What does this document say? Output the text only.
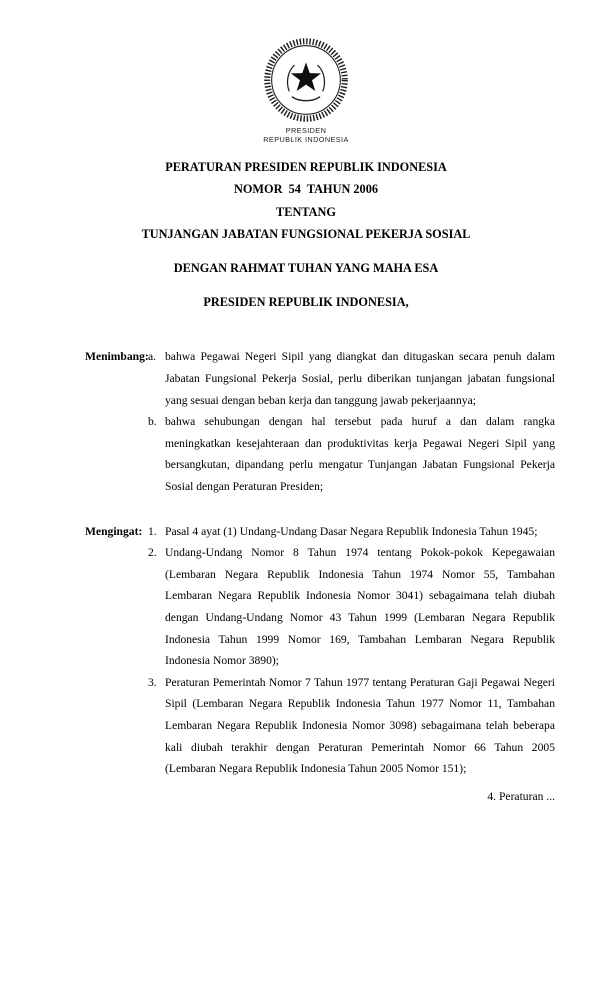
PRESIDEN
REPUBLIK INDONESIA
PERATURAN PRESIDEN REPUBLIK INDONESIA
NOMOR  54  TAHUN 2006
TENTANG
TUNJANGAN JABATAN FUNGSIONAL PEKERJA SOSIAL
DENGAN RAHMAT TUHAN YANG MAHA ESA
PRESIDEN REPUBLIK INDONESIA,
Menimbang : a. bahwa Pegawai Negeri Sipil yang diangkat dan ditugaskan secara penuh dalam Jabatan Fungsional Pekerja Sosial, perlu diberikan tunjangan jabatan fungsional yang sesuai dengan beban kerja dan tanggung jawab pekerjaannya;
b. bahwa sehubungan dengan hal tersebut pada huruf a dan dalam rangka meningkatkan kesejahteraan dan produktivitas kerja Pegawai Negeri Sipil yang bersangkutan, dipandang perlu mengatur Tunjangan Jabatan Fungsional Pekerja Sosial dengan Peraturan Presiden;
Mengingat : 1. Pasal 4 ayat (1) Undang-Undang Dasar Negara Republik Indonesia Tahun 1945;
2. Undang-Undang Nomor 8 Tahun 1974 tentang Pokok-pokok Kepegawaian (Lembaran Negara Republik Indonesia Tahun 1974 Nomor 55, Tambahan Lembaran Negara Republik Indonesia Nomor 3041) sebagaimana telah diubah dengan Undang-Undang Nomor 43 Tahun 1999 (Lembaran Negara Republik Indonesia Tahun 1999 Nomor 169, Tambahan Lembaran Negara Republik Indonesia Nomor 3890);
3. Peraturan Pemerintah Nomor 7 Tahun 1977 tentang Peraturan Gaji Pegawai Negeri Sipil (Lembaran Negara Republik Indonesia Tahun 1977 Nomor 11, Tambahan Lembaran Negara Republik Indonesia Nomor 3098) sebagaimana telah beberapa kali diubah terakhir dengan Peraturan Pemerintah Nomor 66 Tahun 2005 (Lembaran Negara Republik Indonesia Tahun 2005 Nomor 151);
4. Peraturan ...
